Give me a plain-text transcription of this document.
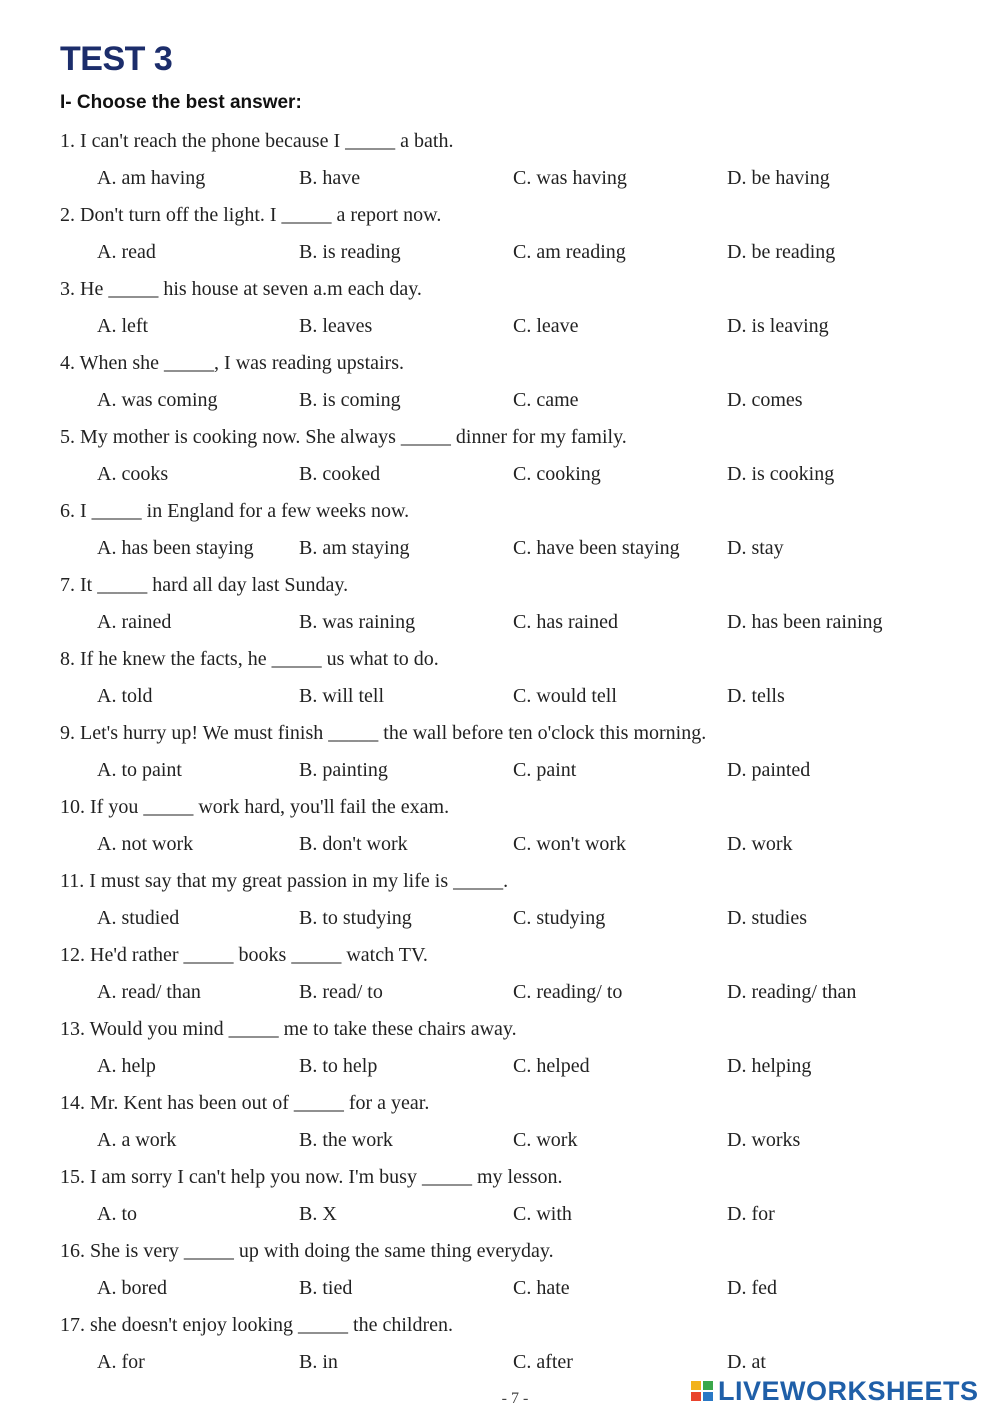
TEST 3
I- Choose the best answer:
1. I can't reach the phone because I _____ a bath.
A. am having	B. have	C. was having	D. be having
2. Don't turn off the light. I _____ a report now.
A. read	B. is reading	C. am reading	D. be reading
3. He _____ his house at seven a.m each day.
A. left	B. leaves	C. leave	D. is leaving
4. When she _____, I was reading upstairs.
A. was coming	B. is coming	C. came	D. comes
5. My mother is cooking now. She always _____ dinner for my family.
A. cooks	B. cooked	C. cooking	D. is cooking
6. I _____ in England for a few weeks now.
A. has been staying B. am staying	C. have been staying D. stay
7. It _____ hard all day last Sunday.
A. rained	B. was raining	C. has rained	D. has been raining
8. If he knew the facts, he _____ us what to do.
A. told	B. will tell	C. would tell	D. tells
9. Let's hurry up! We must finish _____ the wall before ten o'clock this morning.
A. to paint	B. painting	C. paint	D. painted
10. If you _____ work hard, you'll fail the exam.
A. not work	B. don't work	C. won't work	D. work
11. I must say that my great passion in my life is _____.
A. studied	B. to studying	C. studying	D. studies
12. He'd rather _____ books _____ watch TV.
A. read/ than	B. read/ to	C. reading/ to	D. reading/ than
13. Would you mind _____ me to take these chairs away.
A. help	B. to help	C. helped	D. helping
14. Mr. Kent has been out of _____ for a year.
A. a work	B. the work	C. work	D. works
15. I am sorry I can't help you now. I'm busy _____ my lesson.
A. to	B. X	C. with	D. for
16. She is very _____ up with doing the same thing everyday.
A. bored	B. tied	C. hate	D. fed
17. she doesn't enjoy looking _____ the children.
A. for	B. in	C. after	D. at
- 7 -	LIVEWORKSHEETS
